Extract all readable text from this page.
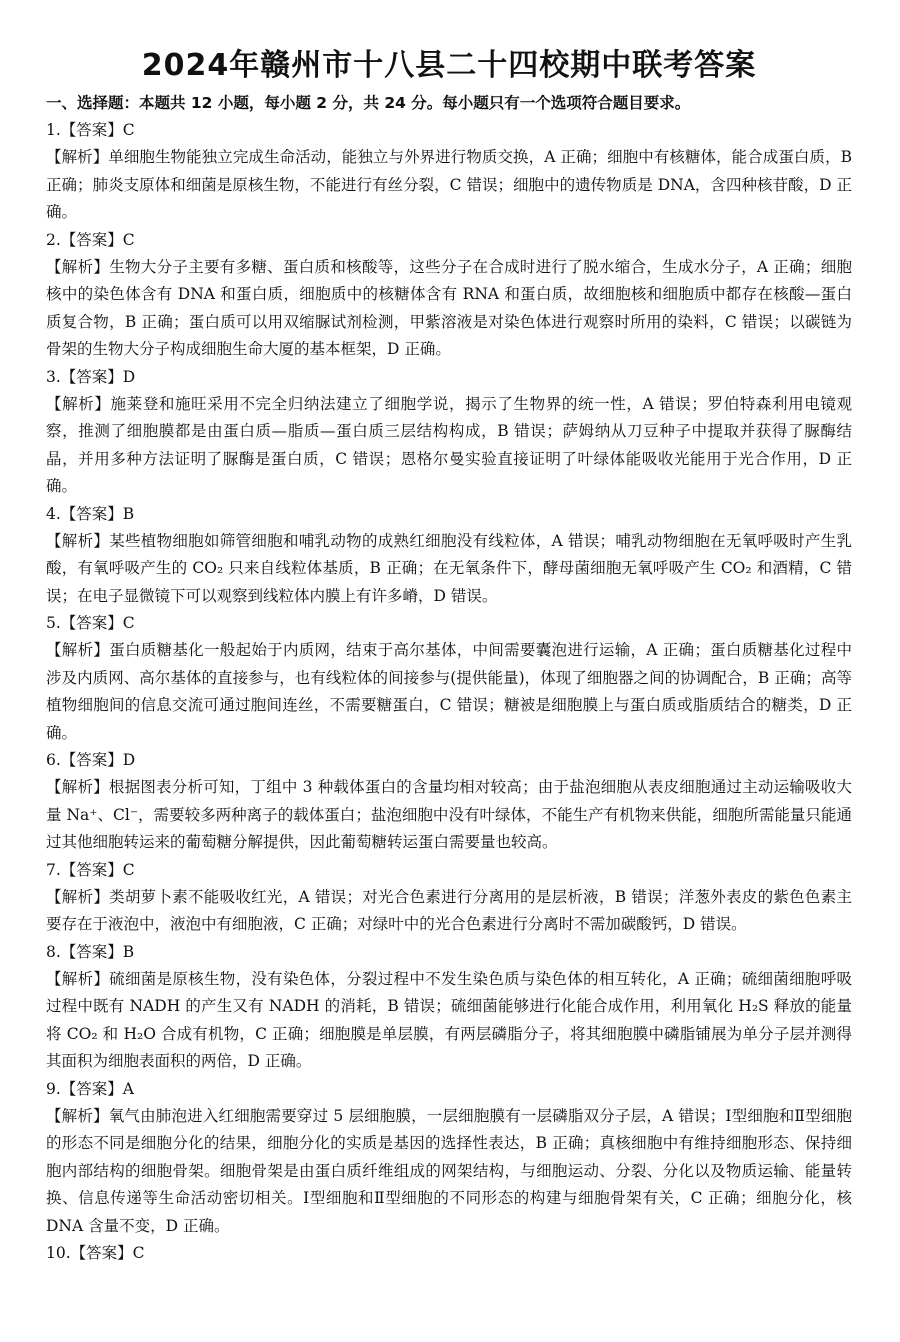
2024年赣州市十八县二十四校期中联考答案

一、选择题：本题共 12 小题，每小题 2 分，共 24 分。每小题只有一个选项符合题目要求。

1.【答案】C

【解析】单细胞生物能独立完成生命活动，能独立与外界进行物质交换，A 正确；细胞中有核糖体，能合成蛋白质，B 正确；肺炎支原体和细菌是原核生物，不能进行有丝分裂，C 错误；细胞中的遗传物质是 DNA，含四种核苷酸，D 正确。

2.【答案】C

【解析】生物大分子主要有多糖、蛋白质和核酸等，这些分子在合成时进行了脱水缩合，生成水分子，A 正确；细胞核中的染色体含有 DNA 和蛋白质，细胞质中的核糖体含有 RNA 和蛋白质，故细胞核和细胞质中都存在核酸—蛋白质复合物，B 正确；蛋白质可以用双缩脲试剂检测，甲紫溶液是对染色体进行观察时所用的染料，C 错误；以碳链为骨架的生物大分子构成细胞生命大厦的基本框架，D 正确。

3.【答案】D

【解析】施莱登和施旺采用不完全归纳法建立了细胞学说，揭示了生物界的统一性，A 错误；罗伯特森利用电镜观察，推测了细胞膜都是由蛋白质—脂质—蛋白质三层结构构成，B 错误；萨姆纳从刀豆种子中提取并获得了脲酶结晶，并用多种方法证明了脲酶是蛋白质，C 错误；恩格尔曼实验直接证明了叶绿体能吸收光能用于光合作用，D 正确。

4.【答案】B

【解析】某些植物细胞如筛管细胞和哺乳动物的成熟红细胞没有线粒体，A 错误；哺乳动物细胞在无氧呼吸时产生乳酸，有氧呼吸产生的 CO₂ 只来自线粒体基质，B 正确；在无氧条件下，酵母菌细胞无氧呼吸产生 CO₂ 和酒精，C 错误；在电子显微镜下可以观察到线粒体内膜上有许多嵴，D 错误。

5.【答案】C

【解析】蛋白质糖基化一般起始于内质网，结束于高尔基体，中间需要囊泡进行运输，A 正确；蛋白质糖基化过程中涉及内质网、高尔基体的直接参与，也有线粒体的间接参与(提供能量)，体现了细胞器之间的协调配合，B 正确；高等植物细胞间的信息交流可通过胞间连丝，不需要糖蛋白，C 错误；糖被是细胞膜上与蛋白质或脂质结合的糖类，D 正确。

6.【答案】D

【解析】根据图表分析可知，丁组中 3 种载体蛋白的含量均相对较高；由于盐泡细胞从表皮细胞通过主动运输吸收大量 Na⁺、Cl⁻，需要较多两种离子的载体蛋白；盐泡细胞中没有叶绿体，不能生产有机物来供能，细胞所需能量只能通过其他细胞转运来的葡萄糖分解提供，因此葡萄糖转运蛋白需要量也较高。

7.【答案】C

【解析】类胡萝卜素不能吸收红光，A 错误；对光合色素进行分离用的是层析液，B 错误；洋葱外表皮的紫色色素主要存在于液泡中，液泡中有细胞液，C 正确；对绿叶中的光合色素进行分离时不需加碳酸钙，D 错误。

8.【答案】B

【解析】硫细菌是原核生物，没有染色体，分裂过程中不发生染色质与染色体的相互转化，A 正确；硫细菌细胞呼吸过程中既有 NADH 的产生又有 NADH 的消耗，B 错误；硫细菌能够进行化能合成作用，利用氧化 H₂S 释放的能量将 CO₂ 和 H₂O 合成有机物，C 正确；细胞膜是单层膜，有两层磷脂分子，将其细胞膜中磷脂铺展为单分子层并测得其面积为细胞表面积的两倍，D 正确。

9.【答案】A

【解析】氧气由肺泡进入红细胞需要穿过 5 层细胞膜，一层细胞膜有一层磷脂双分子层，A 错误；Ⅰ型细胞和Ⅱ型细胞的形态不同是细胞分化的结果，细胞分化的实质是基因的选择性表达，B 正确；真核细胞中有维持细胞形态、保持细胞内部结构的细胞骨架。细胞骨架是由蛋白质纤维组成的网架结构，与细胞运动、分裂、分化以及物质运输、能量转换、信息传递等生命活动密切相关。Ⅰ型细胞和Ⅱ型细胞的不同形态的构建与细胞骨架有关，C 正确；细胞分化，核 DNA 含量不变，D 正确。

10.【答案】C
